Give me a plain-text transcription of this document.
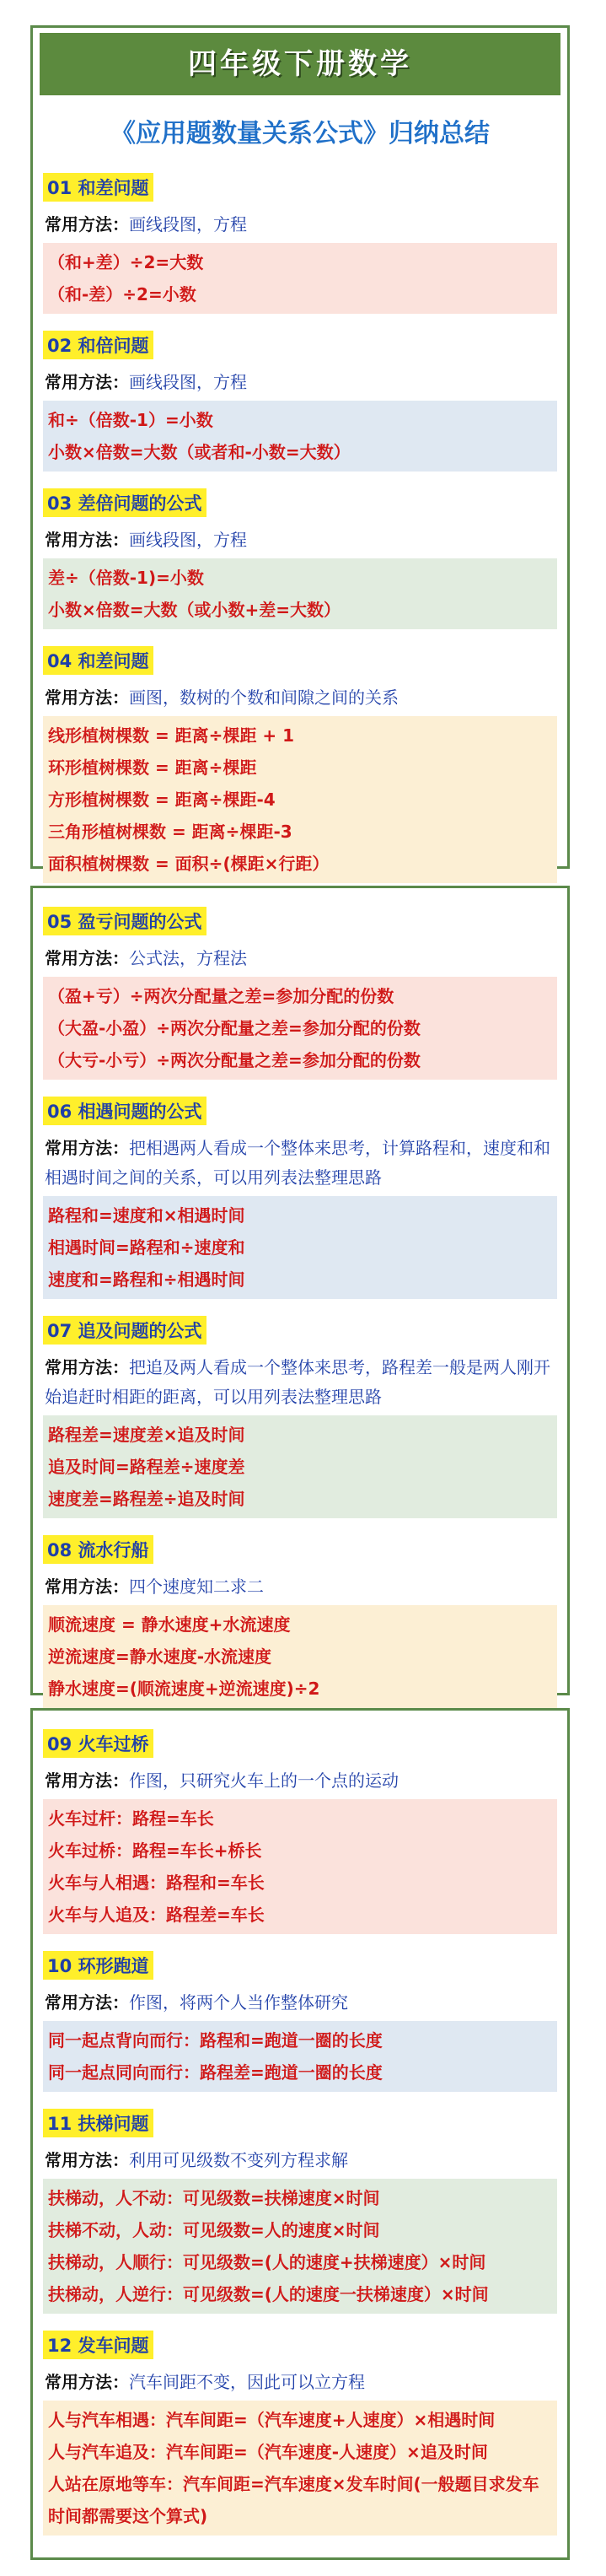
四年级下册数学
《应用题数量关系公式》归纳总结
01 和差问题
常用方法：画线段图，方程
（和+差）÷2=大数
（和-差）÷2=小数
02 和倍问题
常用方法：画线段图，方程
和÷（倍数-1）=小数
小数×倍数=大数（或者和-小数=大数）
03 差倍问题的公式
常用方法：画线段图，方程
差÷（倍数-1)=小数
小数×倍数=大数（或小数+差=大数）
04 和差问题
常用方法：画图，数树的个数和间隙之间的关系
线形植树棵数 = 距离÷棵距 + 1
环形植树棵数 = 距离÷棵距
方形植树棵数 = 距离÷棵距-4
三角形植树棵数 = 距离÷棵距-3
面积植树棵数 = 面积÷(棵距×行距）
05 盈亏问题的公式
常用方法：公式法，方程法
（盈+亏）÷两次分配量之差=参加分配的份数
（大盈-小盈）÷两次分配量之差=参加分配的份数
（大亏-小亏）÷两次分配量之差=参加分配的份数
06 相遇问题的公式
常用方法：把相遇两人看成一个整体来思考，计算路程和，速度和和相遇时间之间的关系，可以用列表法整理思路
路程和=速度和×相遇时间
相遇时间=路程和÷速度和
速度和=路程和÷相遇时间
07 追及问题的公式
常用方法：把追及两人看成一个整体来思考，路程差一般是两人刚开始追赶时相距的距离，可以用列表法整理思路
路程差=速度差×追及时间
追及时间=路程差÷速度差
速度差=路程差÷追及时间
08 流水行船
常用方法：四个速度知二求二
顺流速度 = 静水速度+水流速度
逆流速度=静水速度-水流速度
静水速度=(顺流速度+逆流速度)÷2
09 火车过桥
常用方法：作图，只研究火车上的一个点的运动
火车过杆：路程=车长
火车过桥：路程=车长+桥长
火车与人相遇：路程和=车长
火车与人追及：路程差=车长
10 环形跑道
常用方法：作图，将两个人当作整体研究
同一起点背向而行：路程和=跑道一圈的长度
同一起点同向而行：路程差=跑道一圈的长度
11 扶梯问题
常用方法：利用可见级数不变列方程求解
扶梯动，人不动：可见级数=扶梯速度×时间
扶梯不动，人动：可见级数=人的速度×时间
扶梯动，人顺行：可见级数=(人的速度+扶梯速度）×时间
扶梯动，人逆行：可见级数=(人的速度一扶梯速度）×时间
12 发车问题
常用方法：汽车间距不变，因此可以立方程
人与汽车相遇：汽车间距=（汽车速度+人速度）×相遇时间
人与汽车追及：汽车间距=（汽车速度-人速度）×追及时间
人站在原地等车：汽车间距=汽车速度×发车时间(一般题目求发车时间都需要这个算式)
